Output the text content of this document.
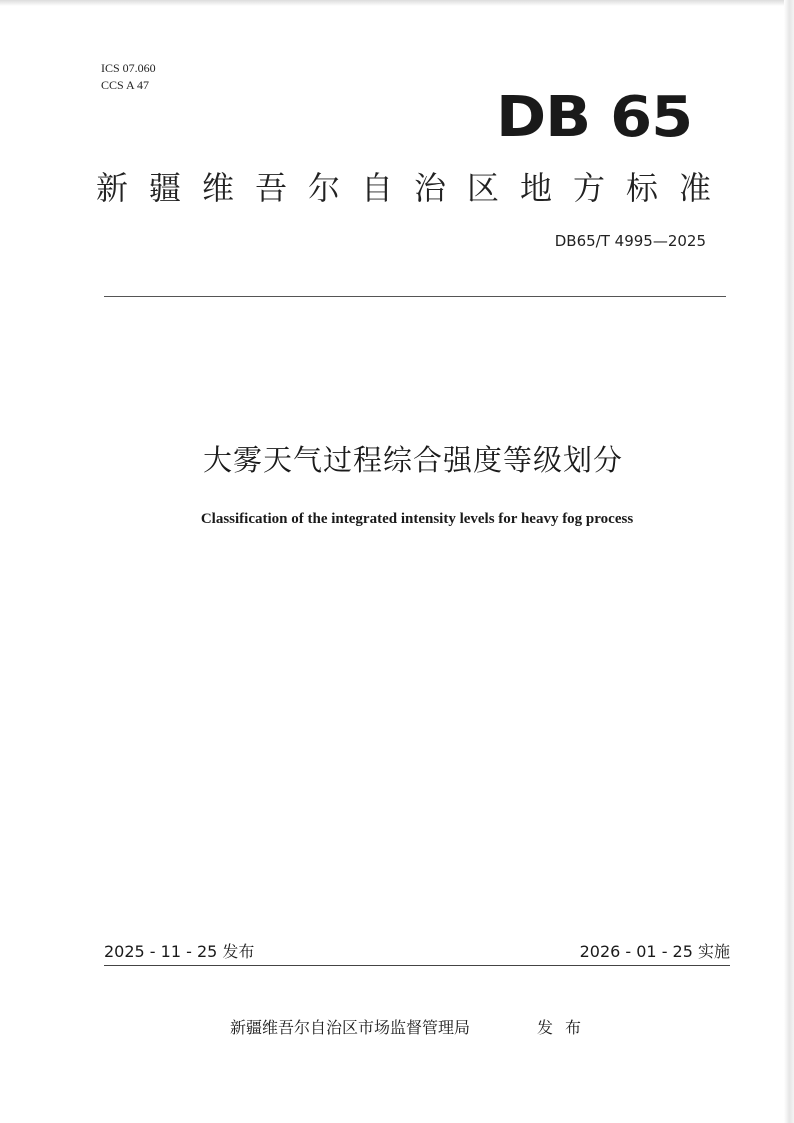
ICS 07.060
CCS A 47	DB 65
新疆维吾尔自治区地方标准
DB65/T 4995—2025
大雾天气过程综合强度等级划分
Classification of the integrated intensity levels for heavy fog process
2025 - 11 - 25 发布	2026 - 01 - 25 实施
新疆维吾尔自治区市场监督管理局	发布
